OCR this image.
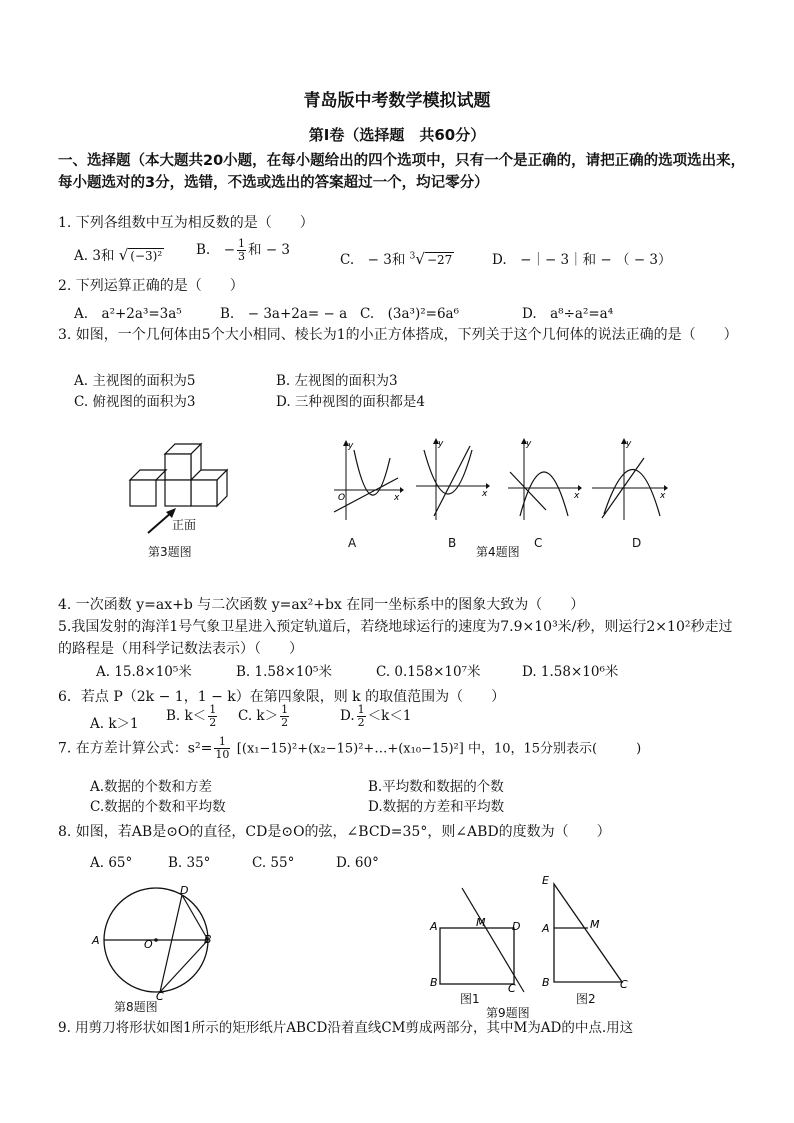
青岛版中考数学模拟试题
第Ⅰ卷（选择题　共60分）
一、选择题（本大题共20小题，在每小题给出的四个选项中，只有一个是正确的，请把正确的选项选出来，每小题选对的3分，选错，不选或选出的答案超过一个，均记零分）
1. 下列各组数中互为相反数的是（　　）
A. 3和 √ (−3)²	B.　− $\frac{1}{3}$ 和 − 3
C.　− 3和 $^3$√ −27	D.　−｜− 3｜和 − （ − 3）
2. 下列运算正确的是（　　）
A.　a²+2a³=3a⁵	B.　− 3a+2a= − a C.　(3a³)²=6a⁶	D.　a⁸÷a²=a⁴
3. 如图，一个几何体由5个大小相同、棱长为1的小正方体搭成，下列关于这个几何体的说法正确的是（　　）
A. 主视图的面积为5	B. 左视图的面积为3
C. 俯视图的面积为3	D. 三种视图的面积都是4
正面
第3题图
y
x
O
y
x
y
x
y
x
A	B	C	D
第4题图
4. 一次函数 y=ax+b 与二次函数 y=ax²+bx 在同一坐标系中的图象大致为（　　）
5.我国发射的海洋1号气象卫星进入预定轨道后，若绕地球运行的速度为7.9×10³米/秒，则运行2×10²秒走过的路程是（用科学记数法表示）（　　）
A. 15.8×10⁵米	B. 1.58×10⁵米	C. 0.158×10⁷米	D. 1.58×10⁶米
6．若点 P（2k − 1，1 − k）在第四象限，则 k 的取值范围为（　　）
A. k＞1 B. $k< \frac{1}{2} C$. $k> \frac{1}{2}$	D. $\frac{1}{2} <k<1$
7. 在方差计算公式：$s^2= \frac{1}{10}$ [(x₁−15)²+(x₂−15)²+…+(x₁₀−15)²] 中，10，15分别表示(　　　)
A.数据的个数和方差	B.平均数和数据的个数
C.数据的个数和平均数	D.数据的方差和平均数
8. 如图，若AB是⊙O的直径，CD是⊙O的弦，∠BCD=35°，则∠ABD的度数为（　　）
A. 65°	B. 35°	C. 55°	D. 60°
A	B
C
D
O
第8题图
A	M D
B	C
图1
E
A	M
B	C
图2
第9题图
9. 用剪刀将形状如图1所示的矩形纸片ABCD沿着直线CM剪成两部分，其中M为AD的中点.用这
